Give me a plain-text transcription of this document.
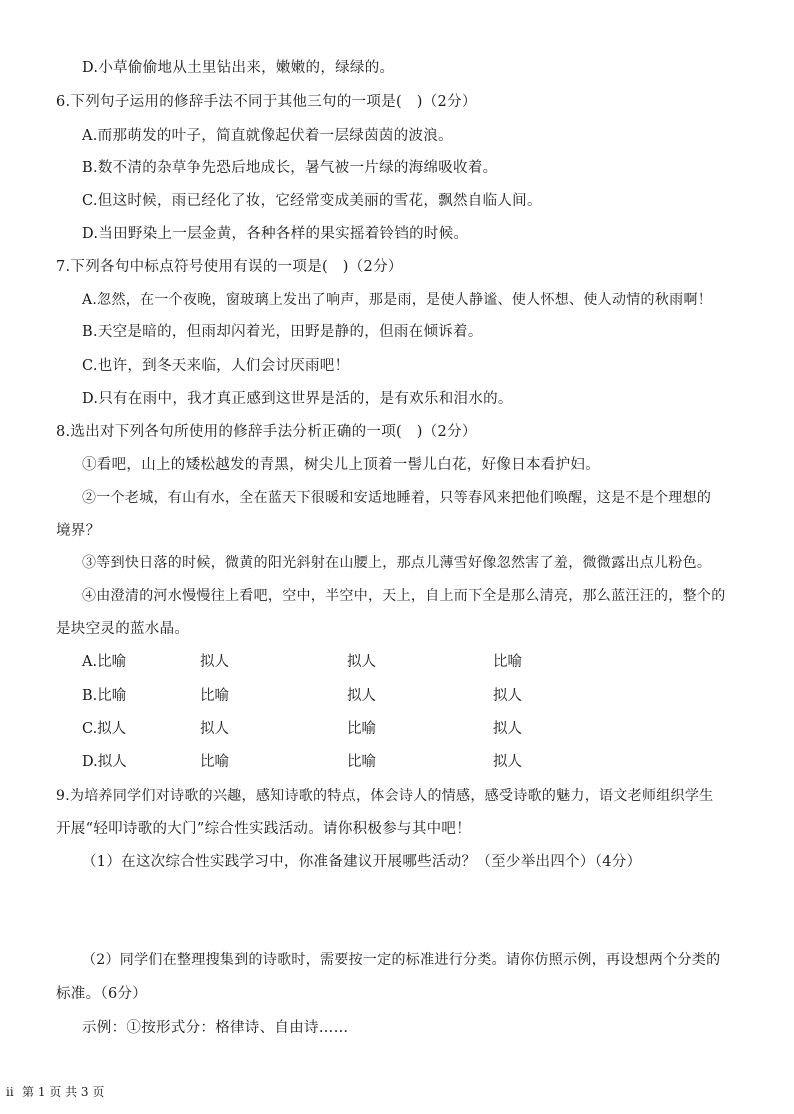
D.小草偷偷地从土里钻出来，嫩嫩的，绿绿的。
6.下列句子运用的修辞手法不同于其他三句的一项是(　)（2分）
A.而那萌发的叶子，简直就像起伏着一层绿茵茵的波浪。
B.数不清的杂草争先恐后地成长，暑气被一片绿的海绵吸收着。
C.但这时候，雨已经化了妆，它经常变成美丽的雪花，飘然自临人间。
D.当田野染上一层金黄，各种各样的果实摇着铃铛的时候。
7.下列各句中标点符号使用有误的一项是(　)（2分）
A.忽然，在一个夜晚，窗玻璃上发出了响声，那是雨，是使人静谧、使人怀想、使人动情的秋雨啊！
B.天空是暗的，但雨却闪着光，田野是静的，但雨在倾诉着。
C.也许，到冬天来临，人们会讨厌雨吧！
D.只有在雨中，我才真正感到这世界是活的，是有欢乐和泪水的。
8.选出对下列各句所使用的修辞手法分析正确的一项(　)（2分）
①看吧，山上的矮松越发的青黑，树尖儿上顶着一髻儿白花，好像日本看护妇。
②一个老城，有山有水，全在蓝天下很暖和安适地睡着，只等春风来把他们唤醒，这是不是个理想的
境界？
③等到快日落的时候，微黄的阳光斜射在山腰上，那点儿薄雪好像忽然害了羞，微微露出点儿粉色。
④由澄清的河水慢慢往上看吧，空中，半空中，天上，自上而下全是那么清亮，那么蓝汪汪的，整个的
是块空灵的蓝水晶。
A.比喻	拟人	拟人	比喻
B.比喻	比喻	拟人	拟人
C.拟人	拟人	比喻	拟人
D.拟人	比喻	比喻	拟人
9.为培养同学们对诗歌的兴趣，感知诗歌的特点，体会诗人的情感，感受诗歌的魅力，语文老师组织学生
开展“轻叩诗歌的大门”综合性实践活动。请你积极参与其中吧！
（1）在这次综合性实践学习中，你准备建议开展哪些活动？（至少举出四个）（4分）
（2）同学们在整理搜集到的诗歌时，需要按一定的标准进行分类。请你仿照示例，再设想两个分类的
标准。（6分）
示例：①按形式分：格律诗、自由诗……
ⅱ 第 1 页 共 3 页
